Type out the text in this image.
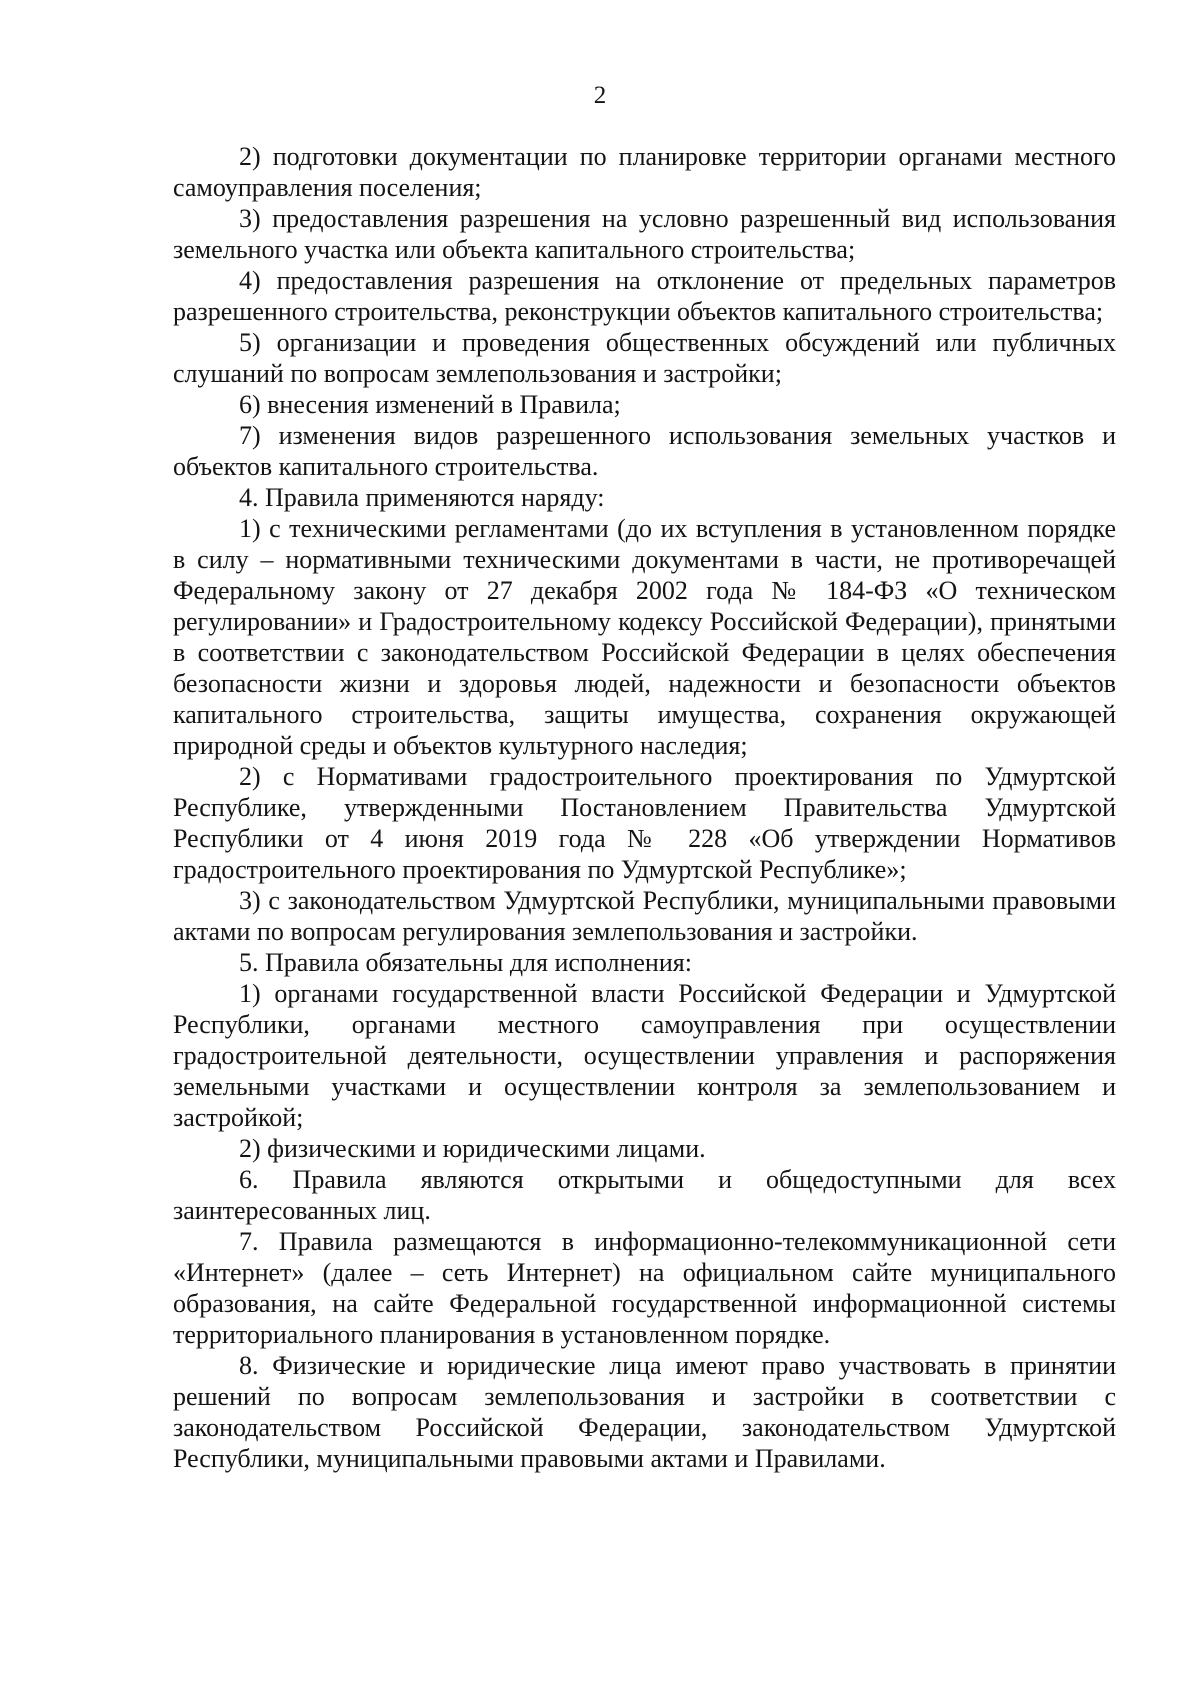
2

2) подготовки документации по планировке территории органами местного самоуправления поселения;

3) предоставления разрешения на условно разрешенный вид использования земельного участка или объекта капитального строительства;

4) предоставления разрешения на отклонение от предельных параметров разрешенного строительства, реконструкции объектов капитального строительства;

5) организации и проведения общественных обсуждений или публичных слушаний по вопросам землепользования и застройки;

6) внесения изменений в Правила;

7) изменения видов разрешенного использования земельных участков и объектов капитального строительства.

4. Правила применяются наряду:

1) с техническими регламентами (до их вступления в установленном порядке в силу – нормативными техническими документами в части, не противоречащей Федеральному закону от 27 декабря 2002 года № 184-ФЗ «О техническом регулировании» и Градостроительному кодексу Российской Федерации), принятыми в соответствии с законодательством Российской Федерации в целях обеспечения безопасности жизни и здоровья людей, надежности и безопасности объектов капитального строительства, защиты имущества, сохранения окружающей природной среды и объектов культурного наследия;

2) с Нормативами градостроительного проектирования по Удмуртской Республике, утвержденными Постановлением Правительства Удмуртской Республики от 4 июня 2019 года № 228 «Об утверждении Нормативов градостроительного проектирования по Удмуртской Республике»;

3) с законодательством Удмуртской Республики, муниципальными правовыми актами по вопросам регулирования землепользования и застройки.

5. Правила обязательны для исполнения:

1) органами государственной власти Российской Федерации и Удмуртской Республики, органами местного самоуправления при осуществлении градостроительной деятельности, осуществлении управления и распоряжения земельными участками и осуществлении контроля за землепользованием и застройкой;

2) физическими и юридическими лицами.

6. Правила являются открытыми и общедоступными для всех заинтересованных лиц.

7. Правила размещаются в информационно-телекоммуникационной сети «Интернет» (далее – сеть Интернет) на официальном сайте муниципального образования, на сайте Федеральной государственной информационной системы территориального планирования в установленном порядке.

8. Физические и юридические лица имеют право участвовать в принятии решений по вопросам землепользования и застройки в соответствии с законодательством Российской Федерации, законодательством Удмуртской Республики, муниципальными правовыми актами и Правилами.
